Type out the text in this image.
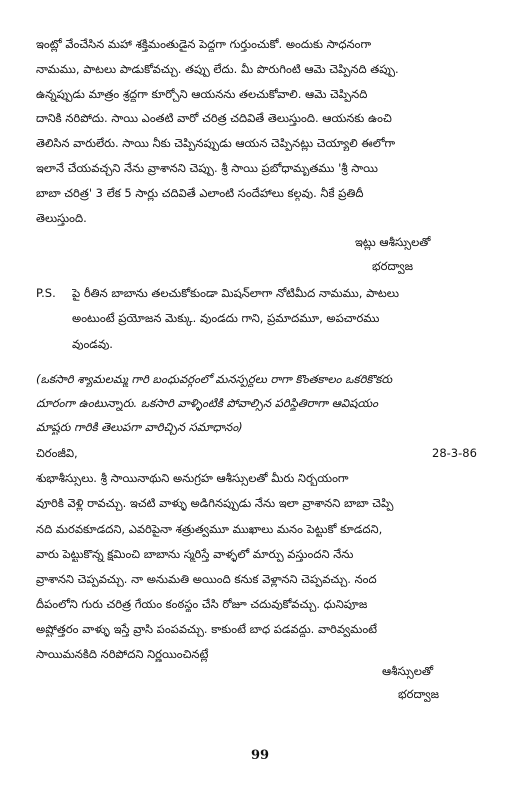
ఇంట్లో వేంచేసిన మహా శక్తిమంతుడైన పెద్దగా గుర్తుంచుకో. అందుకు సాధనంగా
నామము, పాటలు పాడుకోవచ్చు. తప్పు లేదు. మీ పొరుగింటి ఆమె చెప్పినది తప్పు.
ఉన్నప్పుడు మాత్రం శ్రద్ధగా కూర్చోని ఆయనను తలచుకోవాలి. ఆమె చెప్పినది
దానికి నరిపోదు. సాయి ఎంతటి వారో చరిత్ర చదివితే తెలుస్తుంది. ఆయనకు ఉంచి
తెలిసిన వారులేరు. సాయి నీకు చెప్పినప్పుడు ఆయన చెప్పినట్లు చెయ్యాలి ఈలోగా
ఇలానే చేయవచ్చని నేను వ్రాశానని చెప్పు. శ్రీ సాయి ప్రబోధామృతము 'శ్రీ సాయి
బాబా చరిత్ర' 3 లేక 5 సార్లు చదివితే ఎలాంటి సందేహాలు కల్గవు. నీకే ప్రతిదీ
తెలుస్తుంది.
ఇట్లు ఆశీస్సులతో
భరద్వాజ
P.S. పై రీతిన బాబాను తలచుకోకుండా మిషన్‌లాగా నోటిమీద నామము, పాటలు
అంటుంటే ప్రయోజన మెక్కు. వుండదు గాని, ప్రమాదమూ, అపచారము
వుండవు.
(ఒకసారి శ్యామలమ్మ గారి బంధువర్గంలో మనస్పర్ధలు రాగా కొంతకాలం ఒకరికొకరు
దూరంగా ఉంటున్నారు. ఒకసారి వాళ్ళింటికి పోవాల్సిన పరిస్థితిరాగా ఆవిషయం
మాష్టరు గారికి తెలుపగా వారిచ్చిన సమాధానం)
చిరంజీవి,	28-3-86
శుభాశీస్సులు. శ్రీ సాయినాథుని అనుగ్రహ ఆశీస్సులతో మీరు నిర్భయంగా
వూరికి వెళ్లి రావచ్చు. ఇచటి వాళ్ళు అడిగినప్పుడు నేను ఇలా వ్రాశానని బాబా చెప్పి
నది మరవకూడదని, ఎవరిపైనా శత్రుత్వమూ ముఖాలు మనం పెట్టుకో కూడదని,
వారు పెట్టుకొన్న క్షమించి బాబాను స్మరిస్తే వాళ్ళలో మార్పు వస్తుందని నేను
వ్రాశానని చెప్పవచ్చు. నా అనుమతి అయింది కనుక వెళ్లానని చెప్పవచ్చు. నంద
దీపంలోని గురు చరిత్ర గేయం కంఠస్థం చేసి రోజూ చదువుకోవచ్చు. ధునిపూజ
అష్టోత్తరం వాళ్ళు ఇస్తే వ్రాసి పంపవచ్చు. కాకుంటే బాధ పడవద్దు. వారివ్వమంటే
సాయిమనకిది నరిపోదని నిర్ణయించినట్లే
ఆశీస్సులతో
భరద్వాజ
99
